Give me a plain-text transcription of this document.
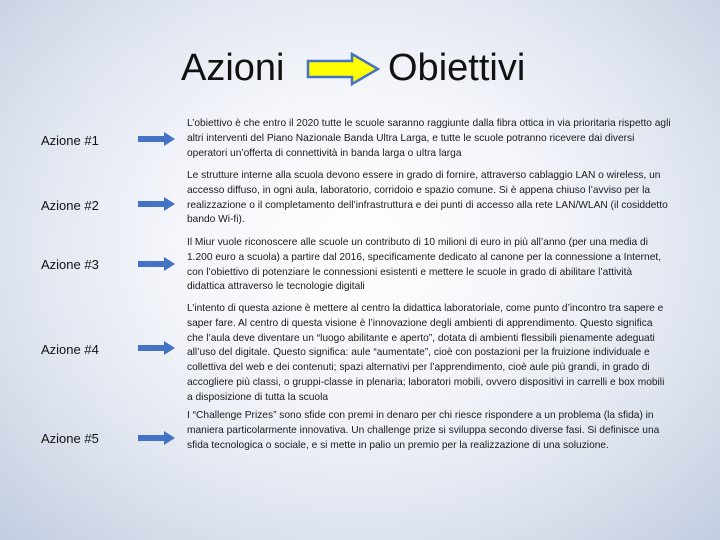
Azioni	Obiettivi
Azione #1
L’obiettivo è che entro il 2020 tutte le scuole saranno raggiunte dalla fibra ottica in via prioritaria rispetto agli altri interventi del Piano Nazionale Banda Ultra Larga, e tutte le scuole potranno ricevere dai diversi operatori un’offerta di connettività in banda larga o ultra larga
Azione #2
Le strutture interne alla scuola devono essere in grado di fornire, attraverso cablaggio LAN o wireless, un accesso diffuso, in ogni aula, laboratorio, corridoio e spazio comune. Si è appena chiuso l’avviso per la realizzazione o il completamento dell’infrastruttura e dei punti di accesso alla rete LAN/WLAN (il cosiddetto bando Wi-fi).
Azione #3
Il Miur vuole riconoscere alle scuole un contributo di 10 milioni di euro in più all’anno (per una media di 1.200 euro a scuola) a partire dal 2016, specificamente dedicato al canone per la connessione a Internet, con l’obiettivo di potenziare le connessioni esistenti e mettere le scuole in grado di abilitare l’attività didattica attraverso le tecnologie digitali
Azione #4
L’intento di questa azione è mettere al centro la didattica laboratoriale, come punto d’incontro tra sapere e saper fare. Al centro di questa visione è l’innovazione degli ambienti di apprendimento. Questo significa che l’aula deve diventare un “luogo abilitante e aperto”, dotata di ambienti flessibili pienamente adeguati all’uso del digitale. Questo significa: aule “aumentate”, cioè con postazioni per la fruizione individuale e collettiva del web e dei contenuti; spazi alternativi per l’apprendimento, cioè aule più grandi, in grado di accogliere più classi, o gruppi-classe in plenaria; laboratori mobili, ovvero dispositivi in carrelli e box mobili a disposizione di tutta la scuola
Azione #5
I “Challenge Prizes” sono sfide con premi in denaro per chi riesce rispondere a un problema (la sfida) in maniera particolarmente innovativa. Un challenge prize si sviluppa secondo diverse fasi. Si definisce una sfida tecnologica o sociale, e si mette in palio un premio per la realizzazione di una soluzione.
